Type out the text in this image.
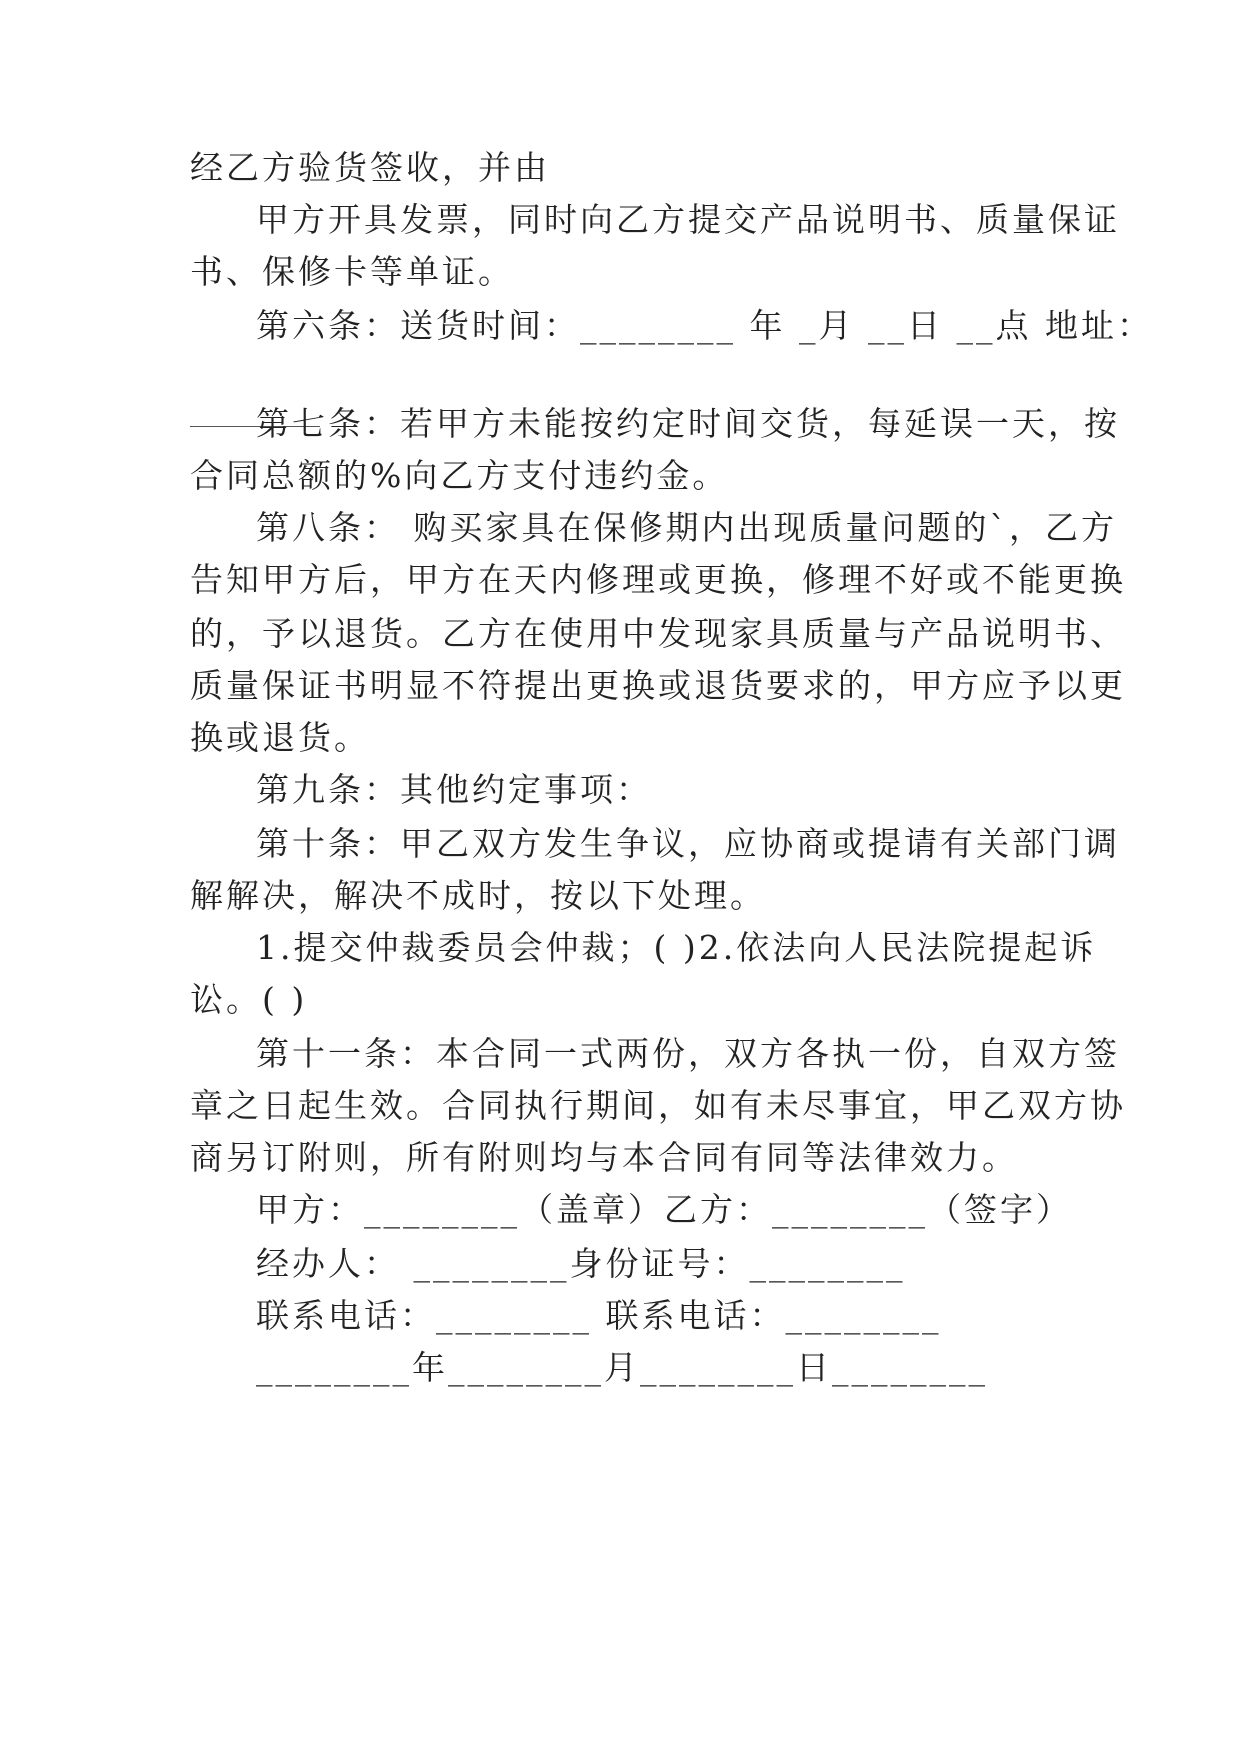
经乙方验货签收，并由
甲方开具发票，同时向乙方提交产品说明书、质量保证
书、保修卡等单证。
第六条：送货时间：________ 年 _月 __日 __点 地址：
第七条：若甲方未能按约定时间交货，每延误一天，按
合同总额的%向乙方支付违约金。
第八条： 购买家具在保修期内出现质量问题的`，乙方
告知甲方后，甲方在天内修理或更换，修理不好或不能更换
的，予以退货。乙方在使用中发现家具质量与产品说明书、
质量保证书明显不符提出更换或退货要求的，甲方应予以更
换或退货。
第九条：其他约定事项：
第十条：甲乙双方发生争议，应协商或提请有关部门调
解解决，解决不成时，按以下处理。
1.提交仲裁委员会仲裁；( )2.依法向人民法院提起诉
讼。( )
第十一条：本合同一式两份，双方各执一份，自双方签
章之日起生效。合同执行期间，如有未尽事宜，甲乙双方协
商另订附则，所有附则均与本合同有同等法律效力。
甲方：________（盖章）乙方：________（签字）
经办人： ________身份证号：________
联系电话：________ 联系电话：________
________年________月________日________
